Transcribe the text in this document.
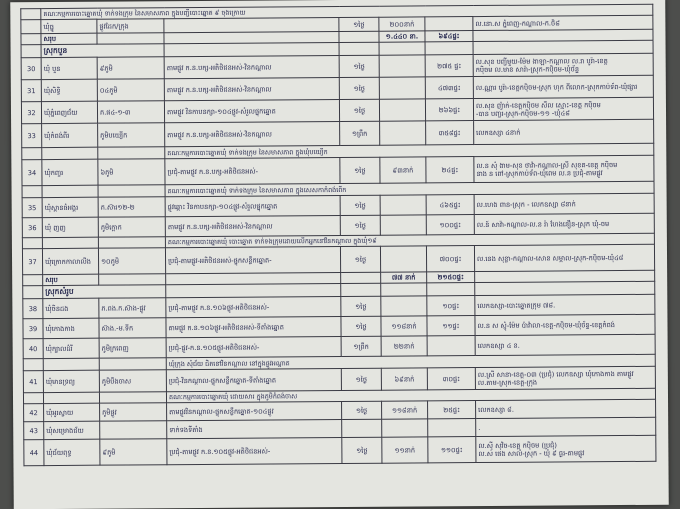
	គណៈកម្មការបោះឆ្នោតឃុំ ទាក់ទងក្រុម នៃសមាសភាព ក្នុងបញ្ជីបោះឆ្នោត ៩ ចុងក្រោយ						
	ឃុំធ្នូ	ផ្លូវដែក/ក្រុង		១ថ្ងៃ	២០០នាក់		ល.នោ.ស ភ្នំពេញ-កណ្ដាល-ក.ចិ៨
	សរុប				១.៤៤០ នា.	៦៩៤ផ្ទះ	
	ស្រុកបួន						
30	ឃុំ បួន	៩ភូមិ	តាមផ្លូវ ក.ន.បក្ស-អតិថិជនអស់-វិនកណ្ដាល	១ថ្ងៃ		២៧៥ ផ្ទះ	ល.សុខ បញ្ជីមួយ-ម៉ែម ងាឡា-កណ្ដាល ល.រា បូរ៉ា-ខេត្ត
កប៉ិចម ល.មាន សារ៉ា-ស្រុក-កប៉ិចម-ឃុំច័ន្ទ
31	ឃុំសិទ្ធិ	០៤ភូមិ	តាមផ្លូវ ក.ន.បក្ស-អតិថិជនអស់-វិនកណ្ដាល	១ថ្ងៃ		៤៧៣ផ្ទះ	ល.ណ្ណារ បូរ៉ា-ខេត្តកប៉ិចម-ស្រុក ហុក ពីលោក-ស្រុកកាប់ទ័ព-ឃុំផ្សារ
32	ឃុំភ្នំពេញជ័យ	ភ.ផ៤-១-៣	តាមផ្លូវ វិនកាបនក្សា-១០៤ផ្លូវ-សំរួលផ្ទុកឆ្នោត	១ថ្ងៃ		២៦៦ផ្ទះ	ល.សុខ ញ៉ាក់-ខេត្តកប៉ិចម សឹល ស្មោះ-ខេត្ត កប៉ិចម
-បាន បញ្ចរ-ស្រុក-កប៉ិចម-១១ -ឃុំ៤៨
33	ឃុំកំពង់ពីរ	ភូមិបយ្យើក	តាមផ្លូវ ក.ន.បក្ស-អតិថិជនអស់-វិនកណ្ដាល	១ព្រឹក		៣៥៨ផ្ទះ	លេកឧស្សា ៤នាក់
			គណៈកម្មការបោះឆ្នោតឃុំ ទាក់ទងក្រុម នៃសមាសភាព ក្នុងឃុំបយ្យើក				
34	ឃុំកញ្ចរ	៦ភូមិ	ប្រជុំ-តាមផ្លូវ ក.ន.បក្ស-អតិថិជនអស់-	១ថ្ងៃ	៩៣នាក់	២៤ផ្ទះ	ល.ន សុំ ងាម-សុខ ថាវ៉ា-កណ្ដាល-ស្រី សុខគ-ខេត្ត កប៉ិចម
នាង ន ពៅ-ស្រុកកាប់ទ័ព-ឃុំពេម ល.ន ប្រជុំ-តាមផ្លូវ
			គណៈកម្មការបោះឆ្នោតឃុំ ទាក់ទងក្រុម នៃសមាសភាព ក្នុងសេសកាកំពង់ពើក				
35	ឃុំស្ពានធំអង្គរ	ភ.ស៊ារ១២-២	ផ្លូវឆ្ពោះ វិនកាបនក្សា-១០៤ផ្លូវ-សំរួលផ្ទុកឆ្នោត	១ថ្ងៃ		៤៦៥ផ្ទះ	ល.ហេង ពាន-ស្រុក - លេកឧស្សា ៨នាក់
36	ឃុំ ញញ	ភូមិក្ដោក	តាមផ្លូវ ក.ន.បក្ស-អតិថិជនអស់-វិនកណ្ដាល	១ថ្ងៃ		១០០ផ្ទះ	ល.ន៍ សាវ៉ា-កណ្ដាល-ល.ន រ៉ា ហែងនឿន-ស្រុក ឃុំ-ចម
			គណៈកម្មការបោះឆ្នោតឃុំ បោះឆ្នោត ទាក់ទងក្រុមដោយលើកអ្នកនៅវិនកណ្ដាល ក្នុងឃុំ១៩				
37	ឃុំក្រោកកាលាលីង	១០ភូមិ	ប្រជុំ-តាមផ្លូវ-អតិថិជនអស់-ផ្ទុកសន្លឹកឆ្នោត-	១ថ្ងៃ		៧០០ផ្ទះ	ល.នេង សុខ្លា-កណ្ដាល-សោន សម្ភាល-ស្រុក-កប៉ិចម-ឃុំ៤៨
	សរុប				៧៧ នាក់	២១៥០ផ្ទះ	
	ស្រុកសំរូប						
38	ឃុំចិនដង	ភ.ពង.ក.ស៊ាង-ផ្លូវ	ប្រជុំ-តាមផ្លូវ ក.ន.១០៦ផ្លូវ-អតិថិជនអស់-	១ថ្ងៃ		១០ផ្ទះ	លេកឧស្សា-បោះឆ្នោតក្រុម ៧៨.
39	ឃុំកោងកាង	ស៊ាង.-ម.ទីក	តាមផ្លូវ ក.ន.១០៦ផ្លូវ-អតិថិជនអស់-ទីតាំងឆ្នោត	១ថ្ងៃ	១១៨នាក់	១១ផ្ទះ	ល.ន ស ស្ញុំ-ម៉ែម ប៉ាវ៉ាលា-ខេត្ត-កប៉ិចម-ឃុំច័ន្ទ-ខេត្តកំពង់
40	ឃុំក្បាលដំរី	ភូមិក្រពេញ	ប្រជុំ-ផ្លូវ-ក.ន.១០៥ផ្លូវ-អតិថិជនអស់-	១ព្រឹក	២២នាក់		លេកឧស្សា ៤ ន.
			ឃុំក្រុង សុំជ័យ ជិតនៅវិនកណ្ដាល នៅក្នុងផ្លូវអណ្ដាត				
41	ឃុំមានទ្រព្យ	ភូមិបឹងចាស	ប្រជុំ-វិនកណ្ដាល-ផ្ទុកសន្លឹកឆ្នោត-ទីតាំងឆ្នោត	១ថ្ងៃ	៦៩នាក់	៣០ផ្ទះ	ល.ស្រី សានា-ខេត្ត-០៣ (ប្រជុំ) លេកឧស្សា ឃុំកោងកាង តាមផ្លូវ
ល.តាម-ស្រុក-ខេត្ត-ក្រុង
			គណៈកម្មការបោះឆ្នោតឃុំ ដោយសារ ក្នុងភូមិកំពង់ចាស				
42	ឃុំអូរស្វាយ	ភូមិផ្លូវ	តាមផ្លូវវិនកណ្ដាល-ផ្ទុកសន្លឹកឆ្នោត-១០៤ផ្លូវ	១ថ្ងៃ	១១៨នាក់	២៥ផ្ទះ	លេកឧស្សា ៨.
43	ឃុំសម្រោងជ័យ		ទាក់ទងទីតាំង				.
44	ឃុំជ័យពុទ្ធ	៩ភូមិ	ប្រជុំ-តាមផ្លូវ ក.ន.១០៥ផ្លូវ-អតិថិជនអស់-	១ថ្ងៃ	១១នាក់	១១០ផ្ទះ	ល.ស៊ី សុវិច-ខេត្ត កប៉ិចម (ប្រជុំ)
ល.ស់ ផេង សាលំ-ស្រុក - ឃុំ ៩ ធ្ងរ-តាមផ្លូវ
